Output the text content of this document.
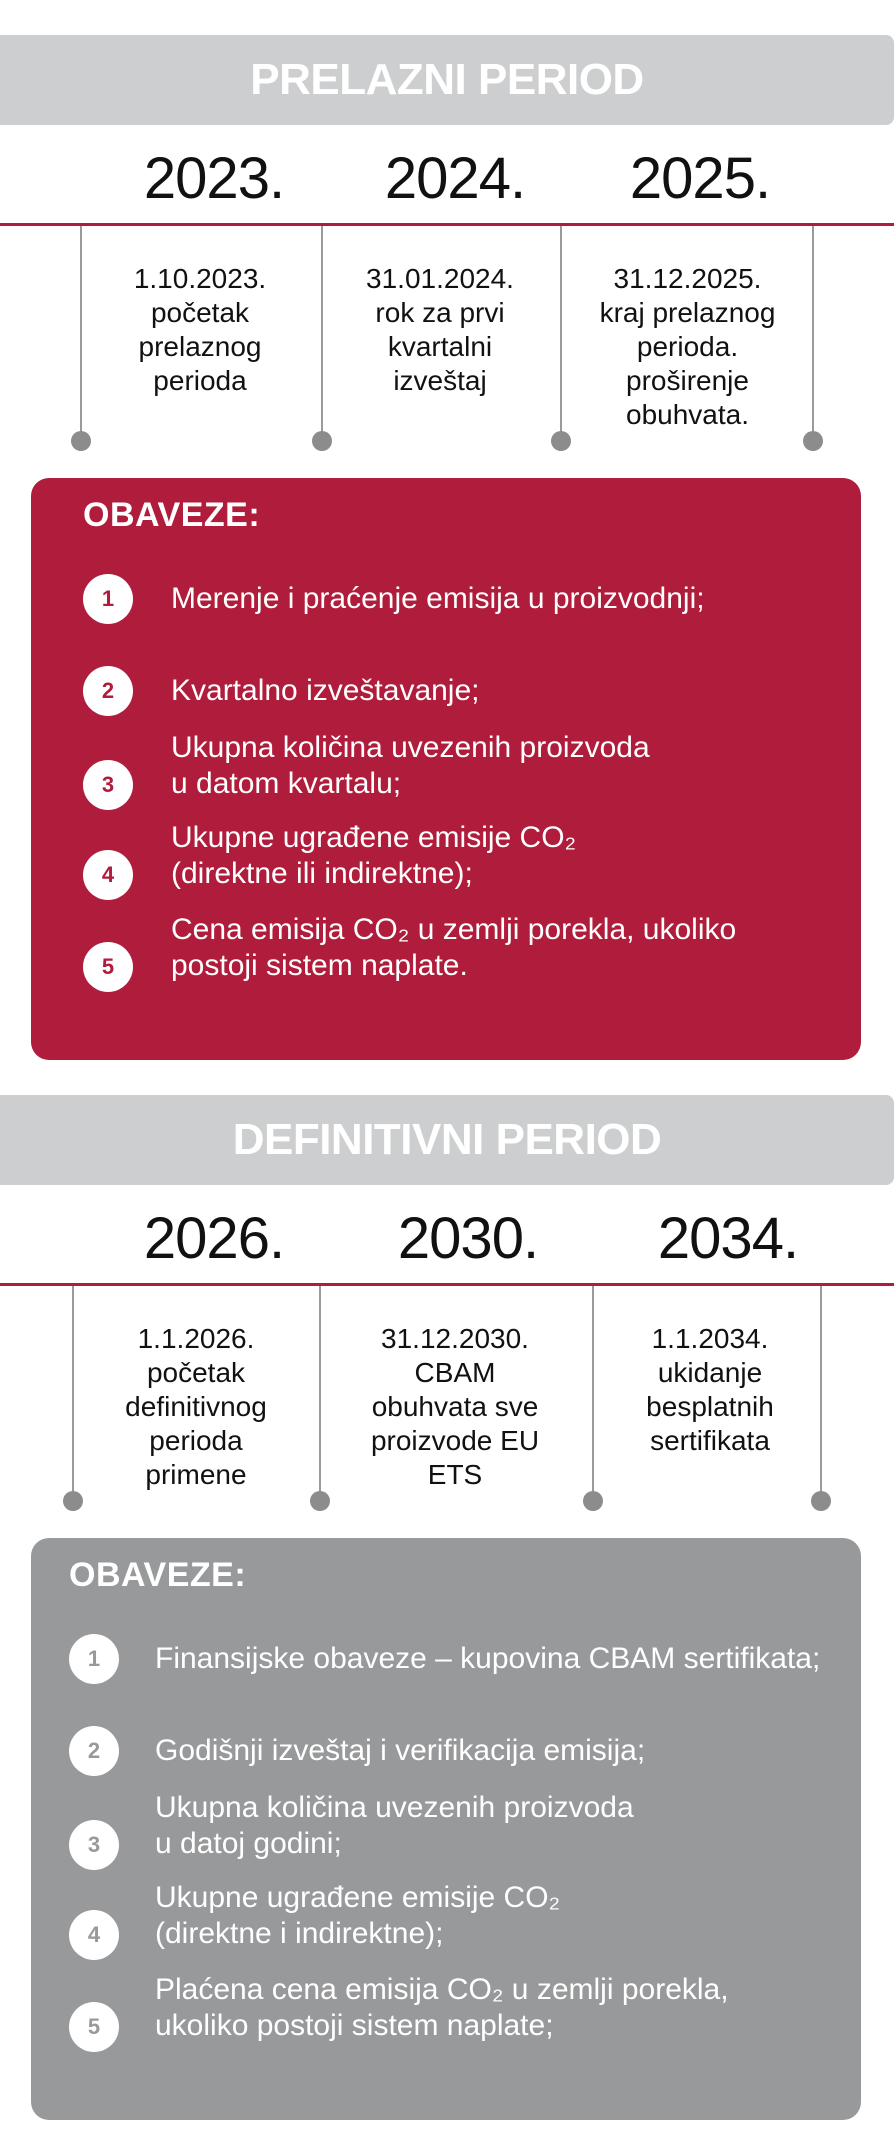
PRELAZNI PERIOD
2023.	2024.	2025.
1.10.2023.
početak
prelaznog
perioda
31.01.2024.
rok za prvi
kvartalni
izveštaj
31.12.2025.
kraj prelaznog
perioda.
proširenje
obuhvata.
OBAVEZE:
1	Merenje i praćenje emisija u proizvodnji;
2	Kvartalno izveštavanje;
3
Ukupna količina uvezenih proizvoda
u datom kvartalu;
4
Ukupne ugrađene emisije CO₂
(direktne ili indirektne);
5
Cena emisija CO₂ u zemlji porekla, ukoliko
postoji sistem naplate.
DEFINITIVNI PERIOD
2026.	2030.	2034.
1.1.2026.
početak
definitivnog
perioda
primene
31.12.2030.
CBAM
obuhvata sve
proizvode EU
ETS
1.1.2034.
ukidanje
besplatnih
sertifikata
OBAVEZE:
1	Finansijske obaveze – kupovina CBAM sertifikata;
2	Godišnji izveštaj i verifikacija emisija;
3
Ukupna količina uvezenih proizvoda
u datoj godini;
4
Ukupne ugrađene emisije CO₂
(direktne i indirektne);
5
Plaćena cena emisija CO₂ u zemlji porekla,
ukoliko postoji sistem naplate;
